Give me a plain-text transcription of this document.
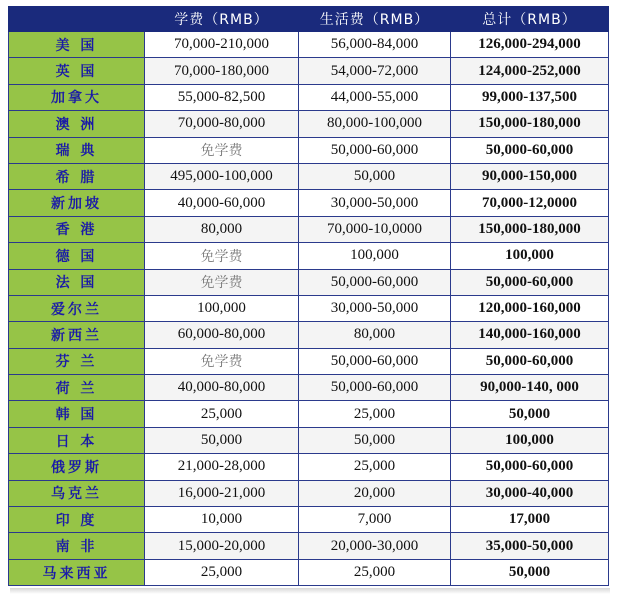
	学费（RMB）	生活费（RMB）	总计（RMB）
美 国	70,000-210,000	56,000-84,000	126,000-294,000
英 国	70,000-180,000	54,000-72,000	124,000-252,000
加拿大	55,000-82,500	44,000-55,000	99,000-137,500
澳 洲	70,000-80,000	80,000-100,000	150,000-180,000
瑞 典	免学费	50,000-60,000	50,000-60,000
希 腊	495,000-100,000	50,000	90,000-150,000
新加坡	40,000-60,000	30,000-50,000	70,000-12,0000
香 港	80,000	70,000-10,0000	150,000-180,000
德 国	免学费	100,000	100,000
法 国	免学费	50,000-60,000	50,000-60,000
爱尔兰	100,000	30,000-50,000	120,000-160,000
新西兰	60,000-80,000	80,000	140,000-160,000
芬 兰	免学费	50,000-60,000	50,000-60,000
荷 兰	40,000-80,000	50,000-60,000	90,000-140, 000
韩 国	25,000	25,000	50,000
日 本	50,000	50,000	100,000
俄罗斯	21,000-28,000	25,000	50,000-60,000
乌克兰	16,000-21,000	20,000	30,000-40,000
印 度	10,000	7,000	17,000
南 非	15,000-20,000	20,000-30,000	35,000-50,000
马来西亚	25,000	25,000	50,000
